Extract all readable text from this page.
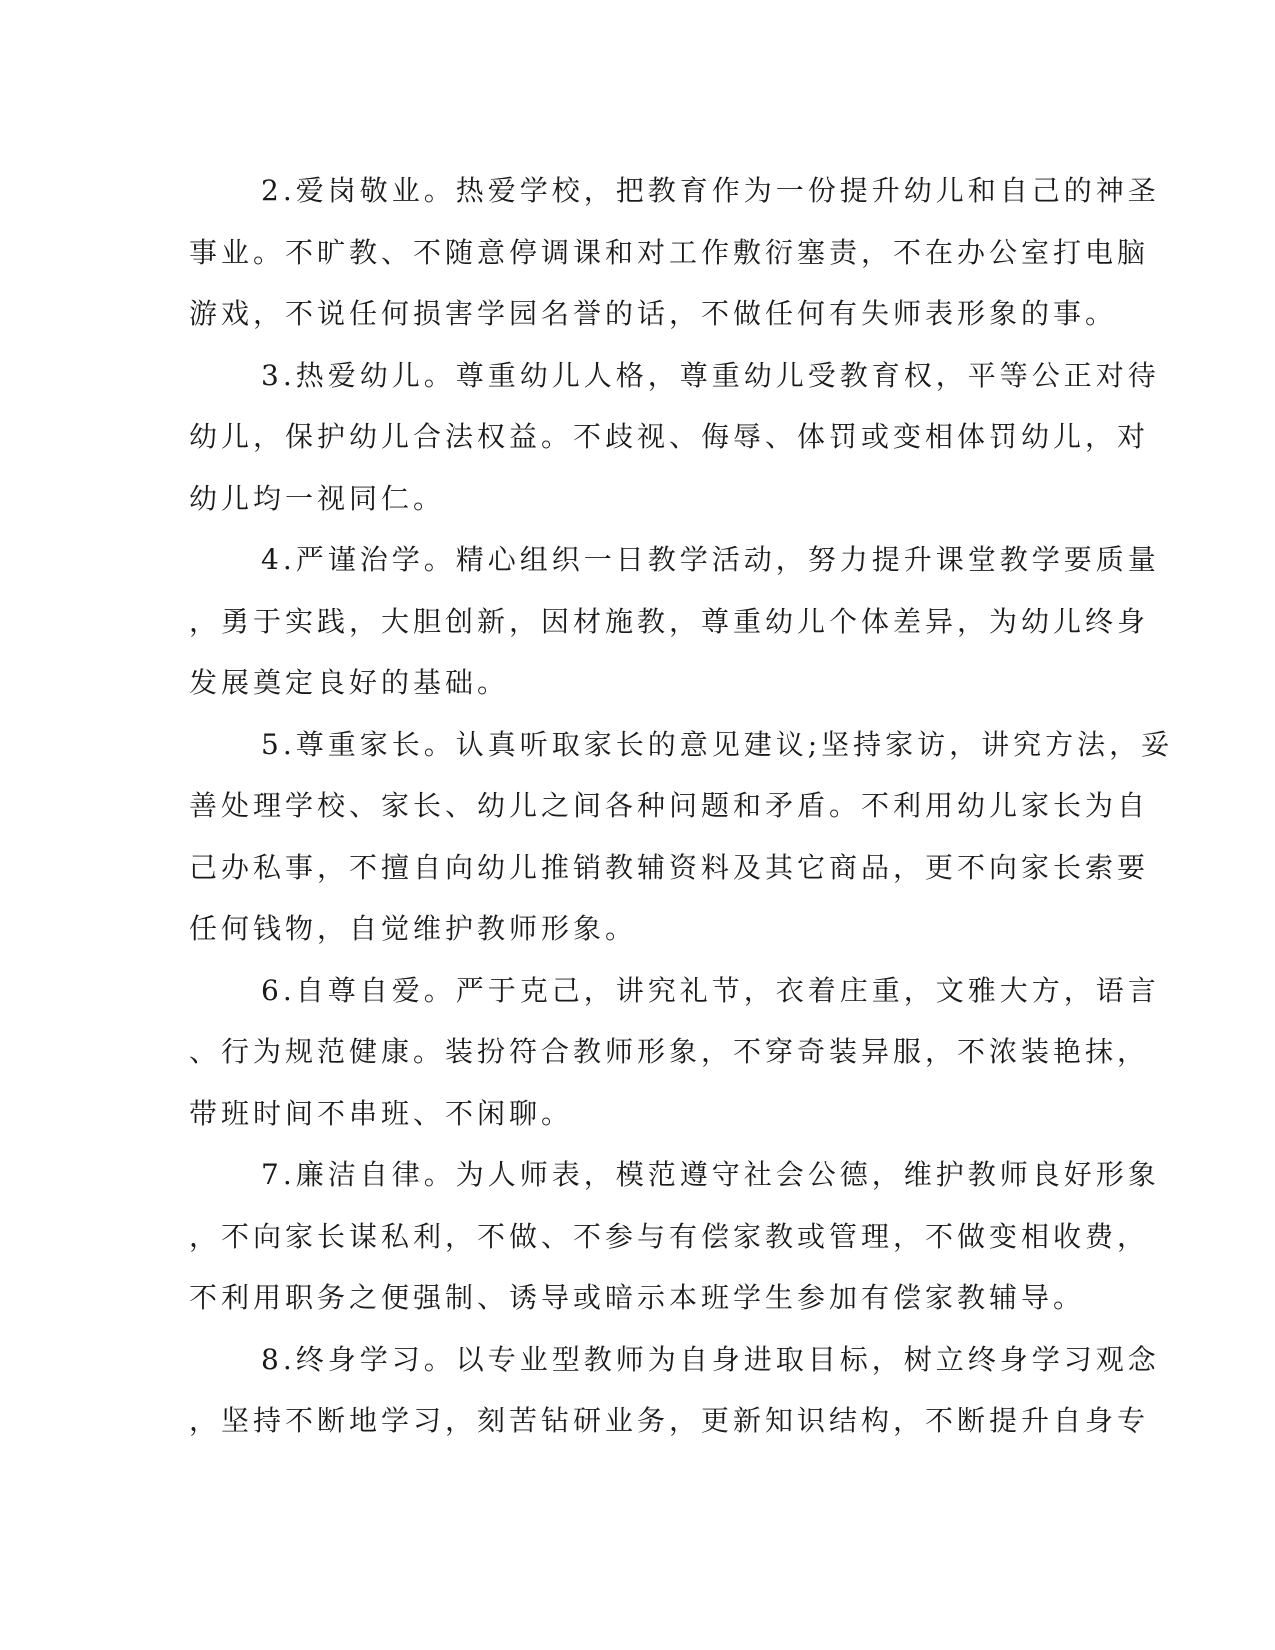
2.爱岗敬业。热爱学校，把教育作为一份提升幼儿和自己的神圣
事业。不旷教、不随意停调课和对工作敷衍塞责，不在办公室打电脑
游戏，不说任何损害学园名誉的话，不做任何有失师表形象的事。
3.热爱幼儿。尊重幼儿人格，尊重幼儿受教育权，平等公正对待
幼儿，保护幼儿合法权益。不歧视、侮辱、体罚或变相体罚幼儿，对
幼儿均一视同仁。
4.严谨治学。精心组织一日教学活动，努力提升课堂教学要质量
，勇于实践，大胆创新，因材施教，尊重幼儿个体差异，为幼儿终身
发展奠定良好的基础。
5.尊重家长。认真听取家长的意见建议;坚持家访，讲究方法，妥
善处理学校、家长、幼儿之间各种问题和矛盾。不利用幼儿家长为自
己办私事，不擅自向幼儿推销教辅资料及其它商品，更不向家长索要
任何钱物，自觉维护教师形象。
6.自尊自爱。严于克己，讲究礼节，衣着庄重，文雅大方，语言
、行为规范健康。装扮符合教师形象，不穿奇装异服，不浓装艳抹，
带班时间不串班、不闲聊。
7.廉洁自律。为人师表，模范遵守社会公德，维护教师良好形象
，不向家长谋私利，不做、不参与有偿家教或管理，不做变相收费，
不利用职务之便强制、诱导或暗示本班学生参加有偿家教辅导。
8.终身学习。以专业型教师为自身进取目标，树立终身学习观念
，坚持不断地学习，刻苦钻研业务，更新知识结构，不断提升自身专
